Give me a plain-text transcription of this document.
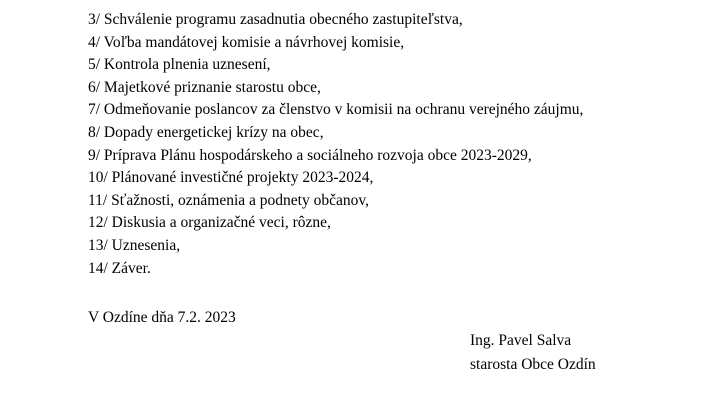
3/ Schválenie programu zasadnutia obecného zastupiteľstva,
4/ Voľba mandátovej komisie a návrhovej komisie,
5/ Kontrola plnenia uznesení,
6/ Majetkové priznanie starostu obce,
7/ Odmeňovanie poslancov za členstvo v komisii na ochranu verejného záujmu,
8/ Dopady energetickej krízy na obec,
9/ Príprava Plánu hospodárskeho a sociálneho rozvoja obce 2023-2029,
10/ Plánované investičné projekty 2023-2024,
11/ Sťažnosti, oznámenia a podnety občanov,
12/ Diskusia a organizačné veci, rôzne,
13/ Uznesenia,
14/ Záver.
V Ozdíne dňa 7.2. 2023
Ing. Pavel Salva
starosta Obce Ozdín
